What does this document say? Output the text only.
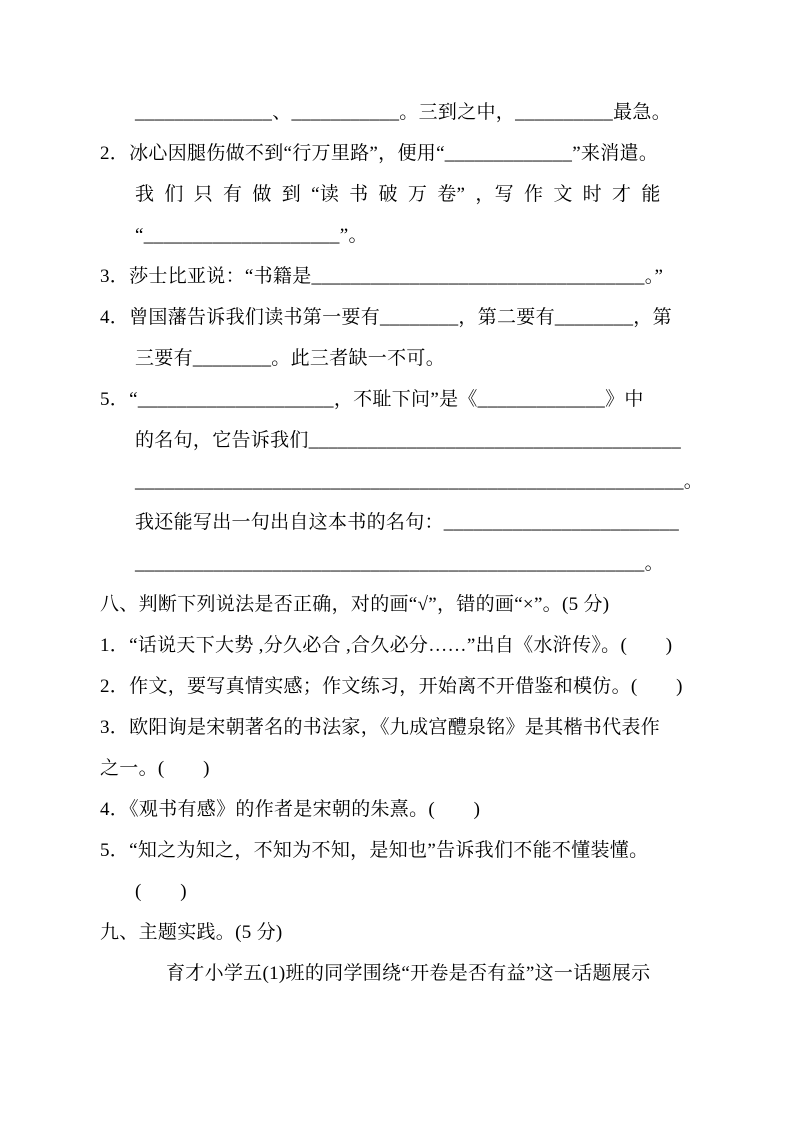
______________、___________。三到之中，__________最急。
2．冰心因腿伤做不到“行万里路”，便用“_____________”来消遣。
我 们 只 有 做 到 “读 书 破 万 卷” ，写 作 文 时 才 能
“____________________”。
3．莎士比亚说：“书籍是__________________________________。”
4．曾国藩告诉我们读书第一要有________，第二要有________，第
三要有________。此三者缺一不可。
5．“____________________，不耻下问”是《_____________》中
的名句，它告诉我们______________________________________
________________________________________________________。
我还能写出一句出自这本书的名句：________________________
____________________________________________________。
八、判断下列说法是否正确，对的画“√”，错的画“×”。(5 分)
1．“话说天下大势 ,分久必合 ,合久必分……”出自《水浒传》。(　　)
2．作文，要写真情实感；作文练习，开始离不开借鉴和模仿。(　　)
3．欧阳询是宋朝著名的书法家，《九成宫醴泉铭》是其楷书代表作
之一。(　　)
4．《观书有感》的作者是宋朝的朱熹。(　　)
5．“知之为知之，不知为不知，是知也”告诉我们不能不懂装懂。
(　　)
九、主题实践。(5 分)
育才小学五(1)班的同学围绕“开卷是否有益”这一话题展示
